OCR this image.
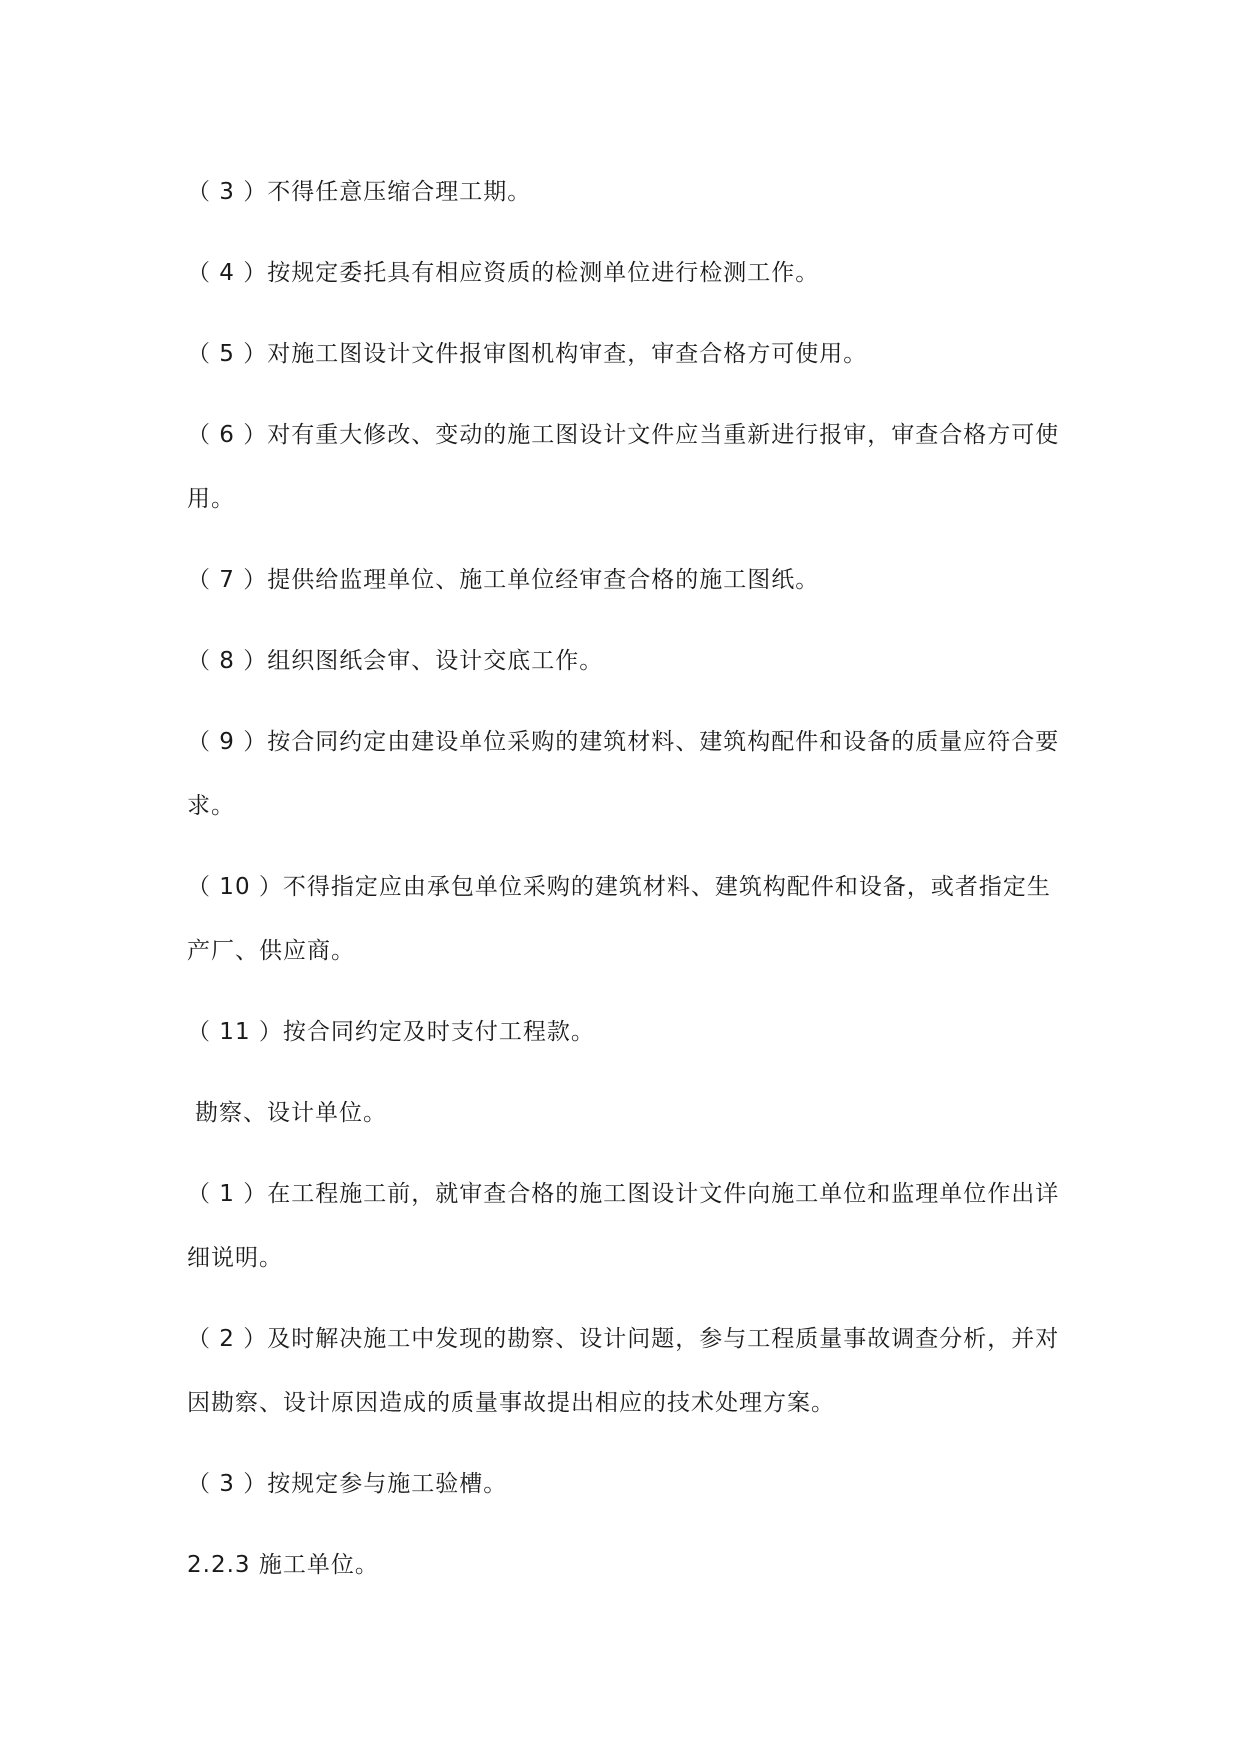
（ 3 ）不得任意压缩合理工期。

（ 4 ）按规定委托具有相应资质的检测单位进行检测工作。

（ 5 ）对施工图设计文件报审图机构审查，审查合格方可使用。

（ 6 ）对有重大修改、变动的施工图设计文件应当重新进行报审，审查合格方可使用。

（ 7 ）提供给监理单位、施工单位经审查合格的施工图纸。

（ 8 ）组织图纸会审、设计交底工作。

（ 9 ）按合同约定由建设单位采购的建筑材料、建筑构配件和设备的质量应符合要求。

（ 10 ）不得指定应由承包单位采购的建筑材料、建筑构配件和设备，或者指定生产厂、供应商。

（ 11 ）按合同约定及时支付工程款。

勘察、设计单位。

（ 1 ）在工程施工前，就审查合格的施工图设计文件向施工单位和监理单位作出详细说明。

（ 2 ）及时解决施工中发现的勘察、设计问题，参与工程质量事故调查分析，并对因勘察、设计原因造成的质量事故提出相应的技术处理方案。

（ 3 ）按规定参与施工验槽。

2.2.3 施工单位。
